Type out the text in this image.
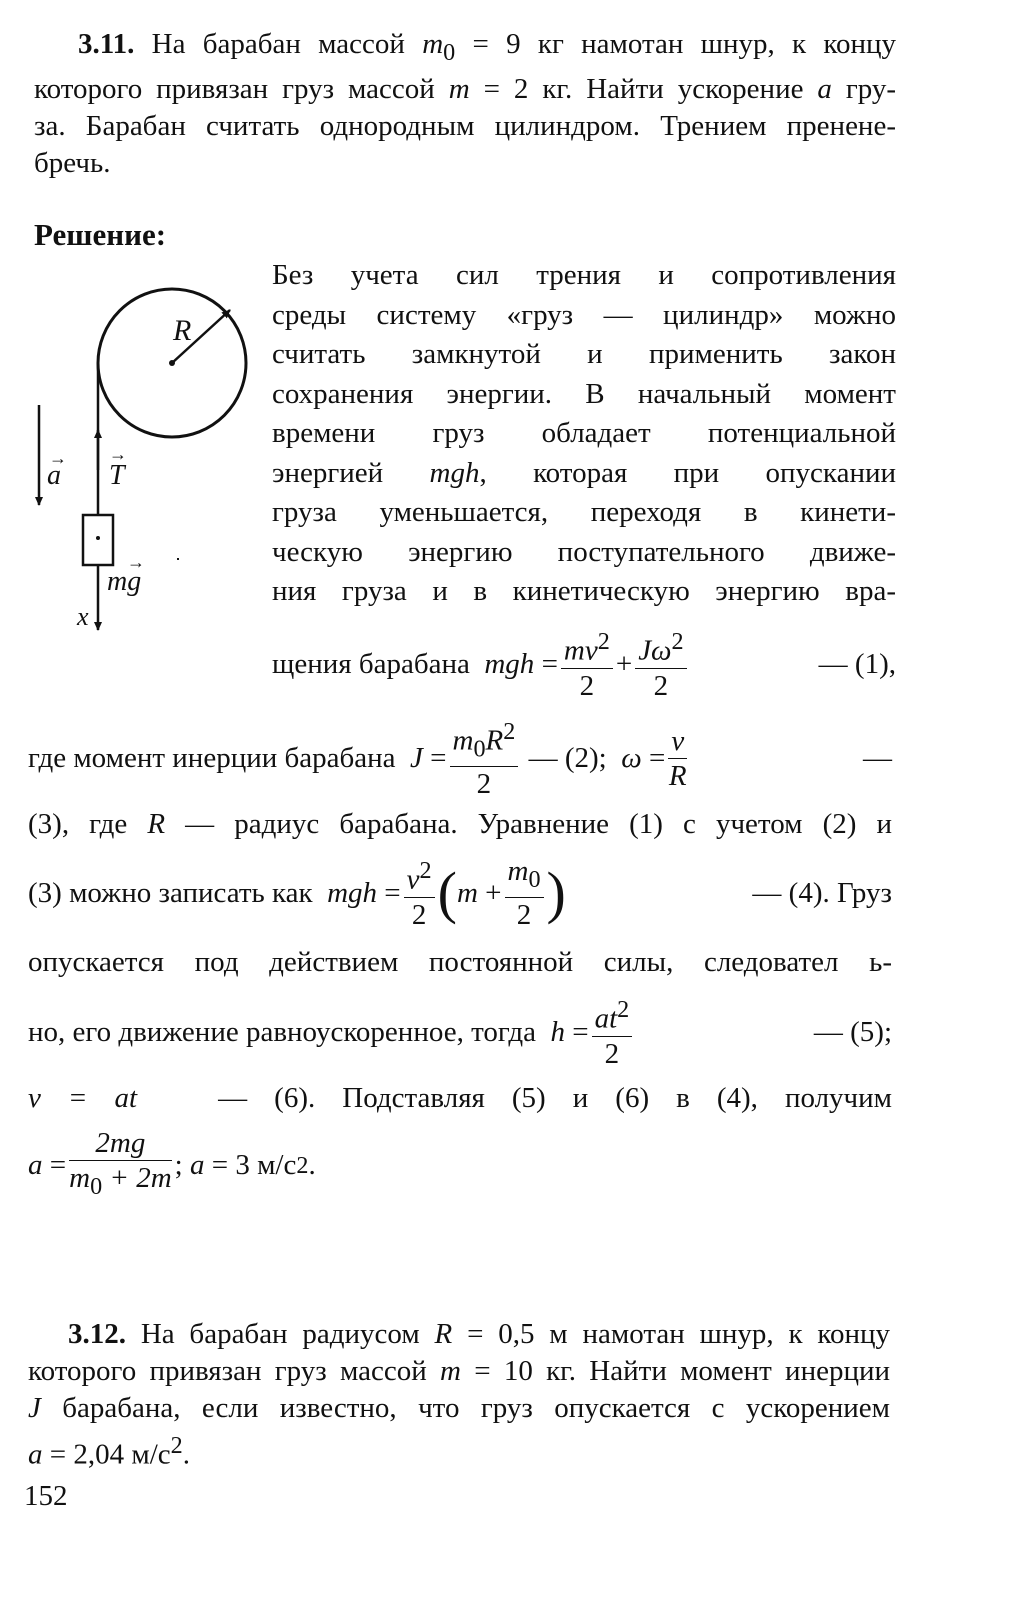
3.11. На барабан массой $m_0 = 9$ кг намотан шнур, к концу
которого привязан груз массой m = 2 кг. Найти ускорение a гру-
за. Барабан считать однородным цилиндром. Трением пренене-
бречь.
Решение:
R
a
→
T
→
mg
→
x
Без учета сил трения и сопротивления
среды систему «груз — цилиндр» можно
считать замкнутой и применить закон
сохранения энергии. В начальный момент
времени груз обладает потенциальной
энергией mgh, которая при опускании
груза уменьшается, переходя в кинети-
ческую энергию поступательного движе-
ния груза и в кинетическую энергию вра-
щения барабана
mgh = $\frac{mv^2}{2} + \frac{J\omega^2}{2}$	— (1),
где момент инерции барабана
$J = \frac{m_0R^2}{2}$
— (2);
$\omega = \frac{v}{R}$	—
(3), где R — радиус барабана. Уравнение (1) с учетом (2) и
(3) можно записать как
mgh = $\frac{v^2}{2}$ ( $m + \frac{m_0}{2}$ )	— (4). Груз
опускается под действием постоянной силы, следовател ь-
но, его движение равноускоренное, тогда
$h = \frac{at^2}{2}$	— (5);
v = at	— (6). Подставляя (5) и (6) в (4), получим
$a = \frac{2mg}{m_0 + 2m}$ ; a
= 3 м/с 2 .
3.12. На барабан радиусом R = 0,5 м намотан шнур, к концу
которого привязан груз массой m = 10 кг. Найти момент инерции
J барабана, если известно, что груз опускается с ускорением
a = 2,04 $м/с^2$.
152
